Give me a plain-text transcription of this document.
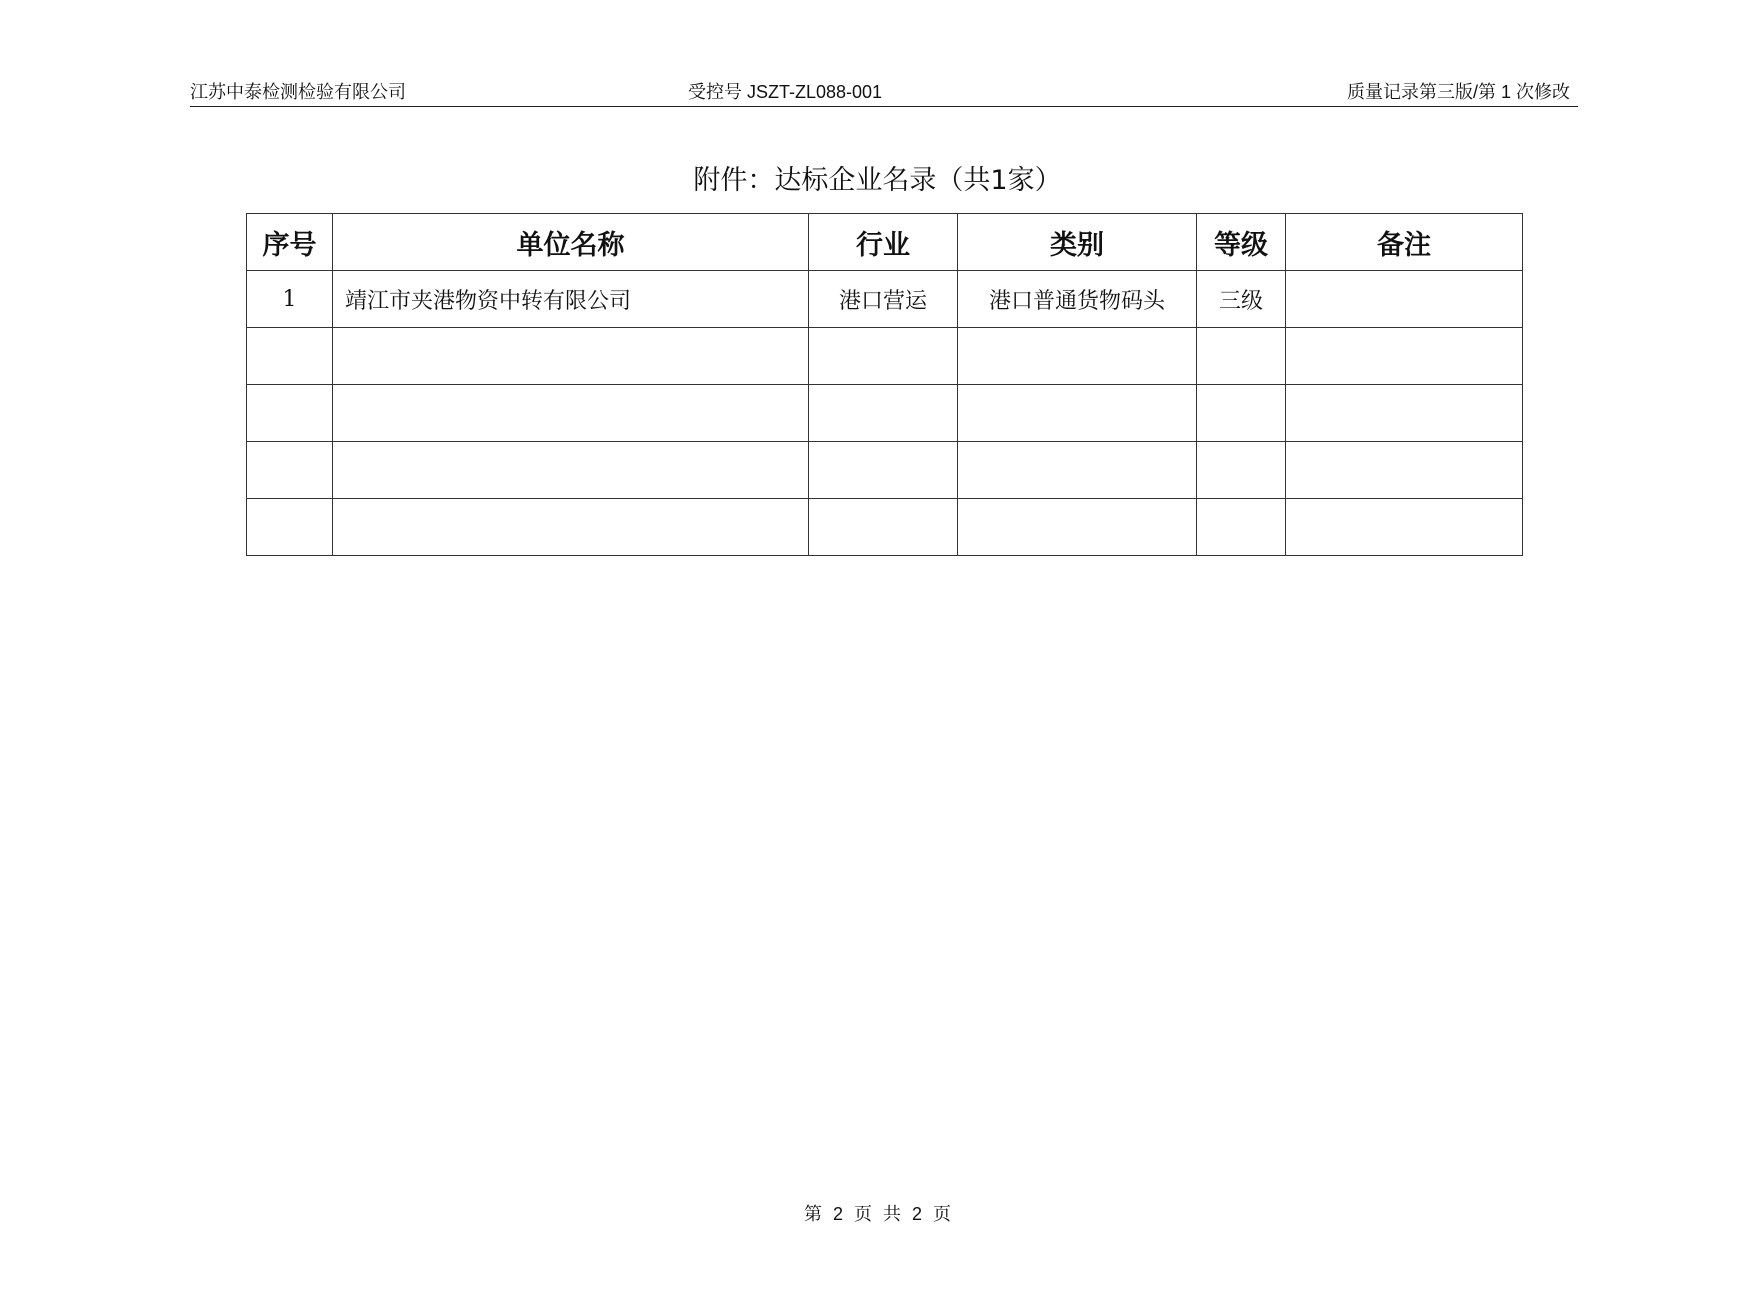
江苏中泰检测检验有限公司	受控号 JSZT-ZL088-001	质量记录第三版/第 1 次修改
附件：达标企业名录（共1家）
序号	单位名称	行业	类别	等级	备注
1	靖江市夹港物资中转有限公司	港口营运	港口普通货物码头	三级	

第 2 页 共 2 页
